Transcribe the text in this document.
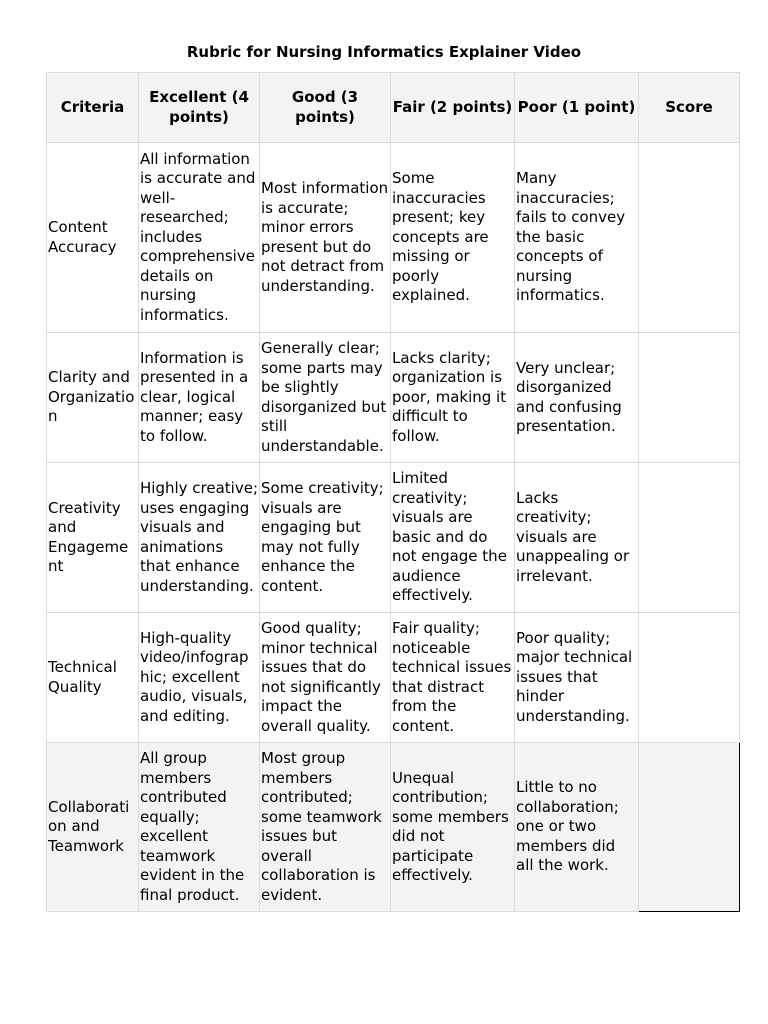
Rubric for Nursing Informatics Explainer Video
Criteria	Excellent (4 points)	Good (3 points)	Fair (2 points)	Poor (1 point)	Score
Content Accuracy	All information is accurate and well-researched; includes comprehensive details on nursing informatics.	Most information is accurate; minor errors present but do not detract from understanding.	Some inaccuracies present; key concepts are missing or poorly explained.	Many inaccuracies; fails to convey the basic concepts of nursing informatics.	
Clarity and Organization	Information is presented in a clear, logical manner; easy to follow.	Generally clear; some parts may be slightly disorganized but still understandable.	Lacks clarity; organization is poor, making it difficult to follow.	Very unclear; disorganized and confusing presentation.	
Creativity and Engagement	Highly creative; uses engaging visuals and animations that enhance understanding.	Some creativity; visuals are engaging but may not fully enhance the content.	Limited creativity; visuals are basic and do not engage the audience effectively.	Lacks creativity; visuals are unappealing or irrelevant.	
Technical Quality	High-quality video/infographic; excellent audio, visuals, and editing.	Good quality; minor technical issues that do not significantly impact the overall quality.	Fair quality; noticeable technical issues that distract from the content.	Poor quality; major technical issues that hinder understanding.	
Collaboration and Teamwork	All group members contributed equally; excellent teamwork evident in the final product.	Most group members contributed; some teamwork issues but overall collaboration is evident.	Unequal contribution; some members did not participate effectively.	Little to no collaboration; one or two members did all the work.	
